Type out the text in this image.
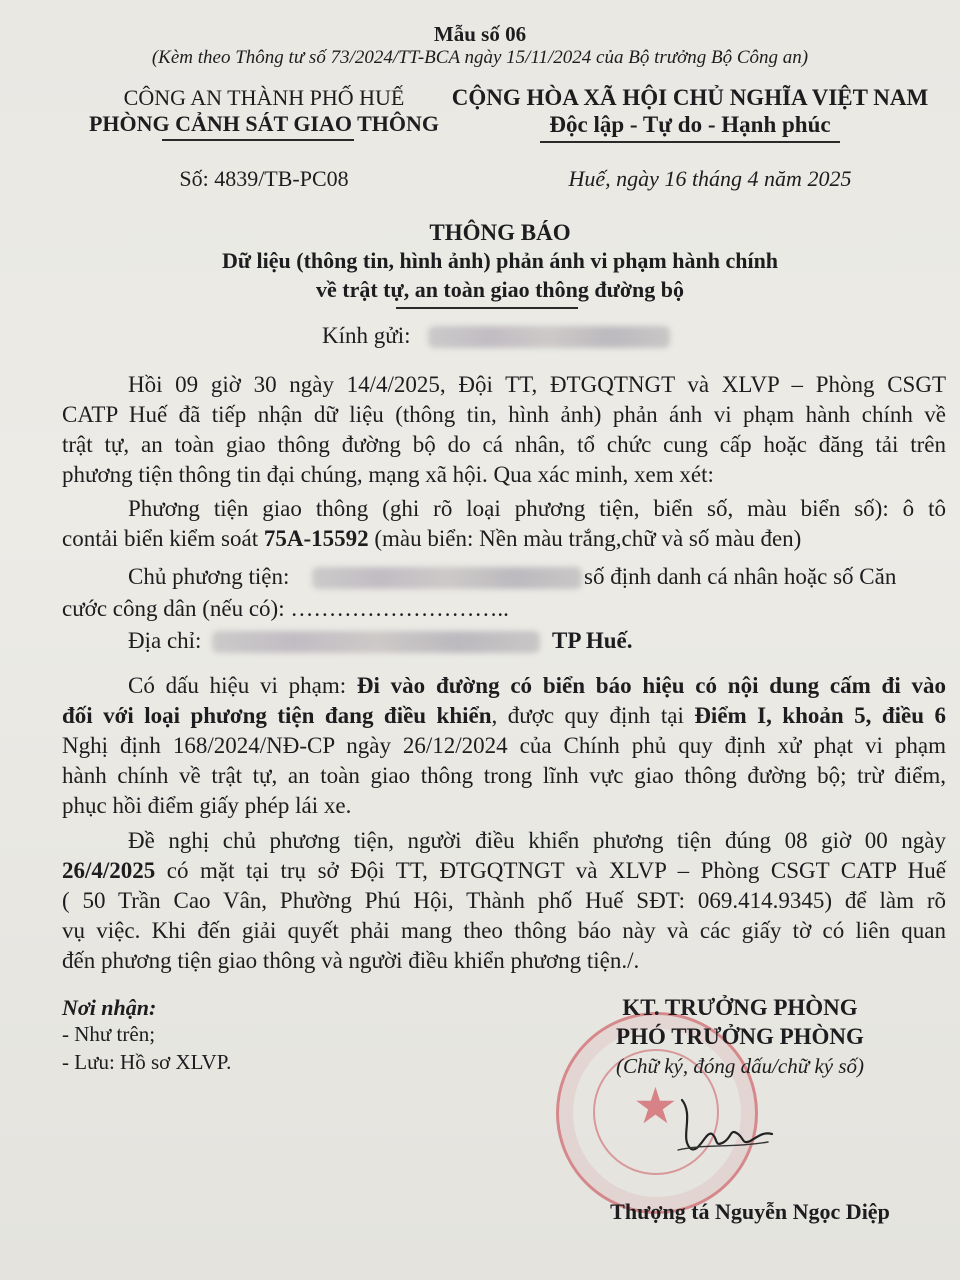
Mẫu số 06
(Kèm theo Thông tư số 73/2024/TT-BCA ngày 15/11/2024 của Bộ trưởng Bộ Công an)
CÔNG AN THÀNH PHỐ HUẾ
PHÒNG CẢNH SÁT GIAO THÔNG
Số: 4839/TB-PC08
CỘNG HÒA XÃ HỘI CHỦ NGHĨA VIỆT NAM
Độc lập - Tự do - Hạnh phúc
Huế, ngày 16 tháng 4 năm 2025
THÔNG BÁO
Dữ liệu (thông tin, hình ảnh) phản ánh vi phạm hành chính
về trật tự, an toàn giao thông đường bộ
Kính gửi:
Hồi 09 giờ 30 ngày 14/4/2025, Đội TT, ĐTGQTNGT và XLVP – Phòng CSGT
CATP Huế đã tiếp nhận dữ liệu (thông tin, hình ảnh) phản ánh vi phạm hành chính về
trật tự, an toàn giao thông đường bộ do cá nhân, tổ chức cung cấp hoặc đăng tải trên
phương tiện thông tin đại chúng, mạng xã hội. Qua xác minh, xem xét:
Phương tiện giao thông (ghi rõ loại phương tiện, biển số, màu biển số): ô tô
contải biển kiểm soát 75A-15592 (màu biển: Nền màu trắng,chữ và số màu đen)
Chủ phương tiện:	số định danh cá nhân hoặc số Căn
cước công dân (nếu có): ………………………..
Địa chỉ:	TP Huế.
Có dấu hiệu vi phạm: Đi vào đường có biển báo hiệu có nội dung cấm đi vào
đối với loại phương tiện đang điều khiển, được quy định tại Điểm I, khoản 5, điều 6
Nghị định 168/2024/NĐ-CP ngày 26/12/2024 của Chính phủ quy định xử phạt vi phạm
hành chính về trật tự, an toàn giao thông trong lĩnh vực giao thông đường bộ; trừ điểm,
phục hồi điểm giấy phép lái xe.
Đề nghị chủ phương tiện, người điều khiển phương tiện đúng 08 giờ 00 ngày
26/4/2025 có mặt tại trụ sở Đội TT, ĐTGQTNGT và XLVP – Phòng CSGT CATP Huế
( 50 Trần Cao Vân, Phường Phú Hội, Thành phố Huế SĐT: 069.414.9345) để làm rõ
vụ việc. Khi đến giải quyết phải mang theo thông báo này và các giấy tờ có liên quan
đến phương tiện giao thông và người điều khiển phương tiện./.
Nơi nhận:
- Như trên;
- Lưu: Hồ sơ XLVP.
★
KT. TRƯỞNG PHÒNG
PHÓ TRƯỞNG PHÒNG
(Chữ ký, đóng dấu/chữ ký số)
Thượng tá Nguyễn Ngọc Diệp
